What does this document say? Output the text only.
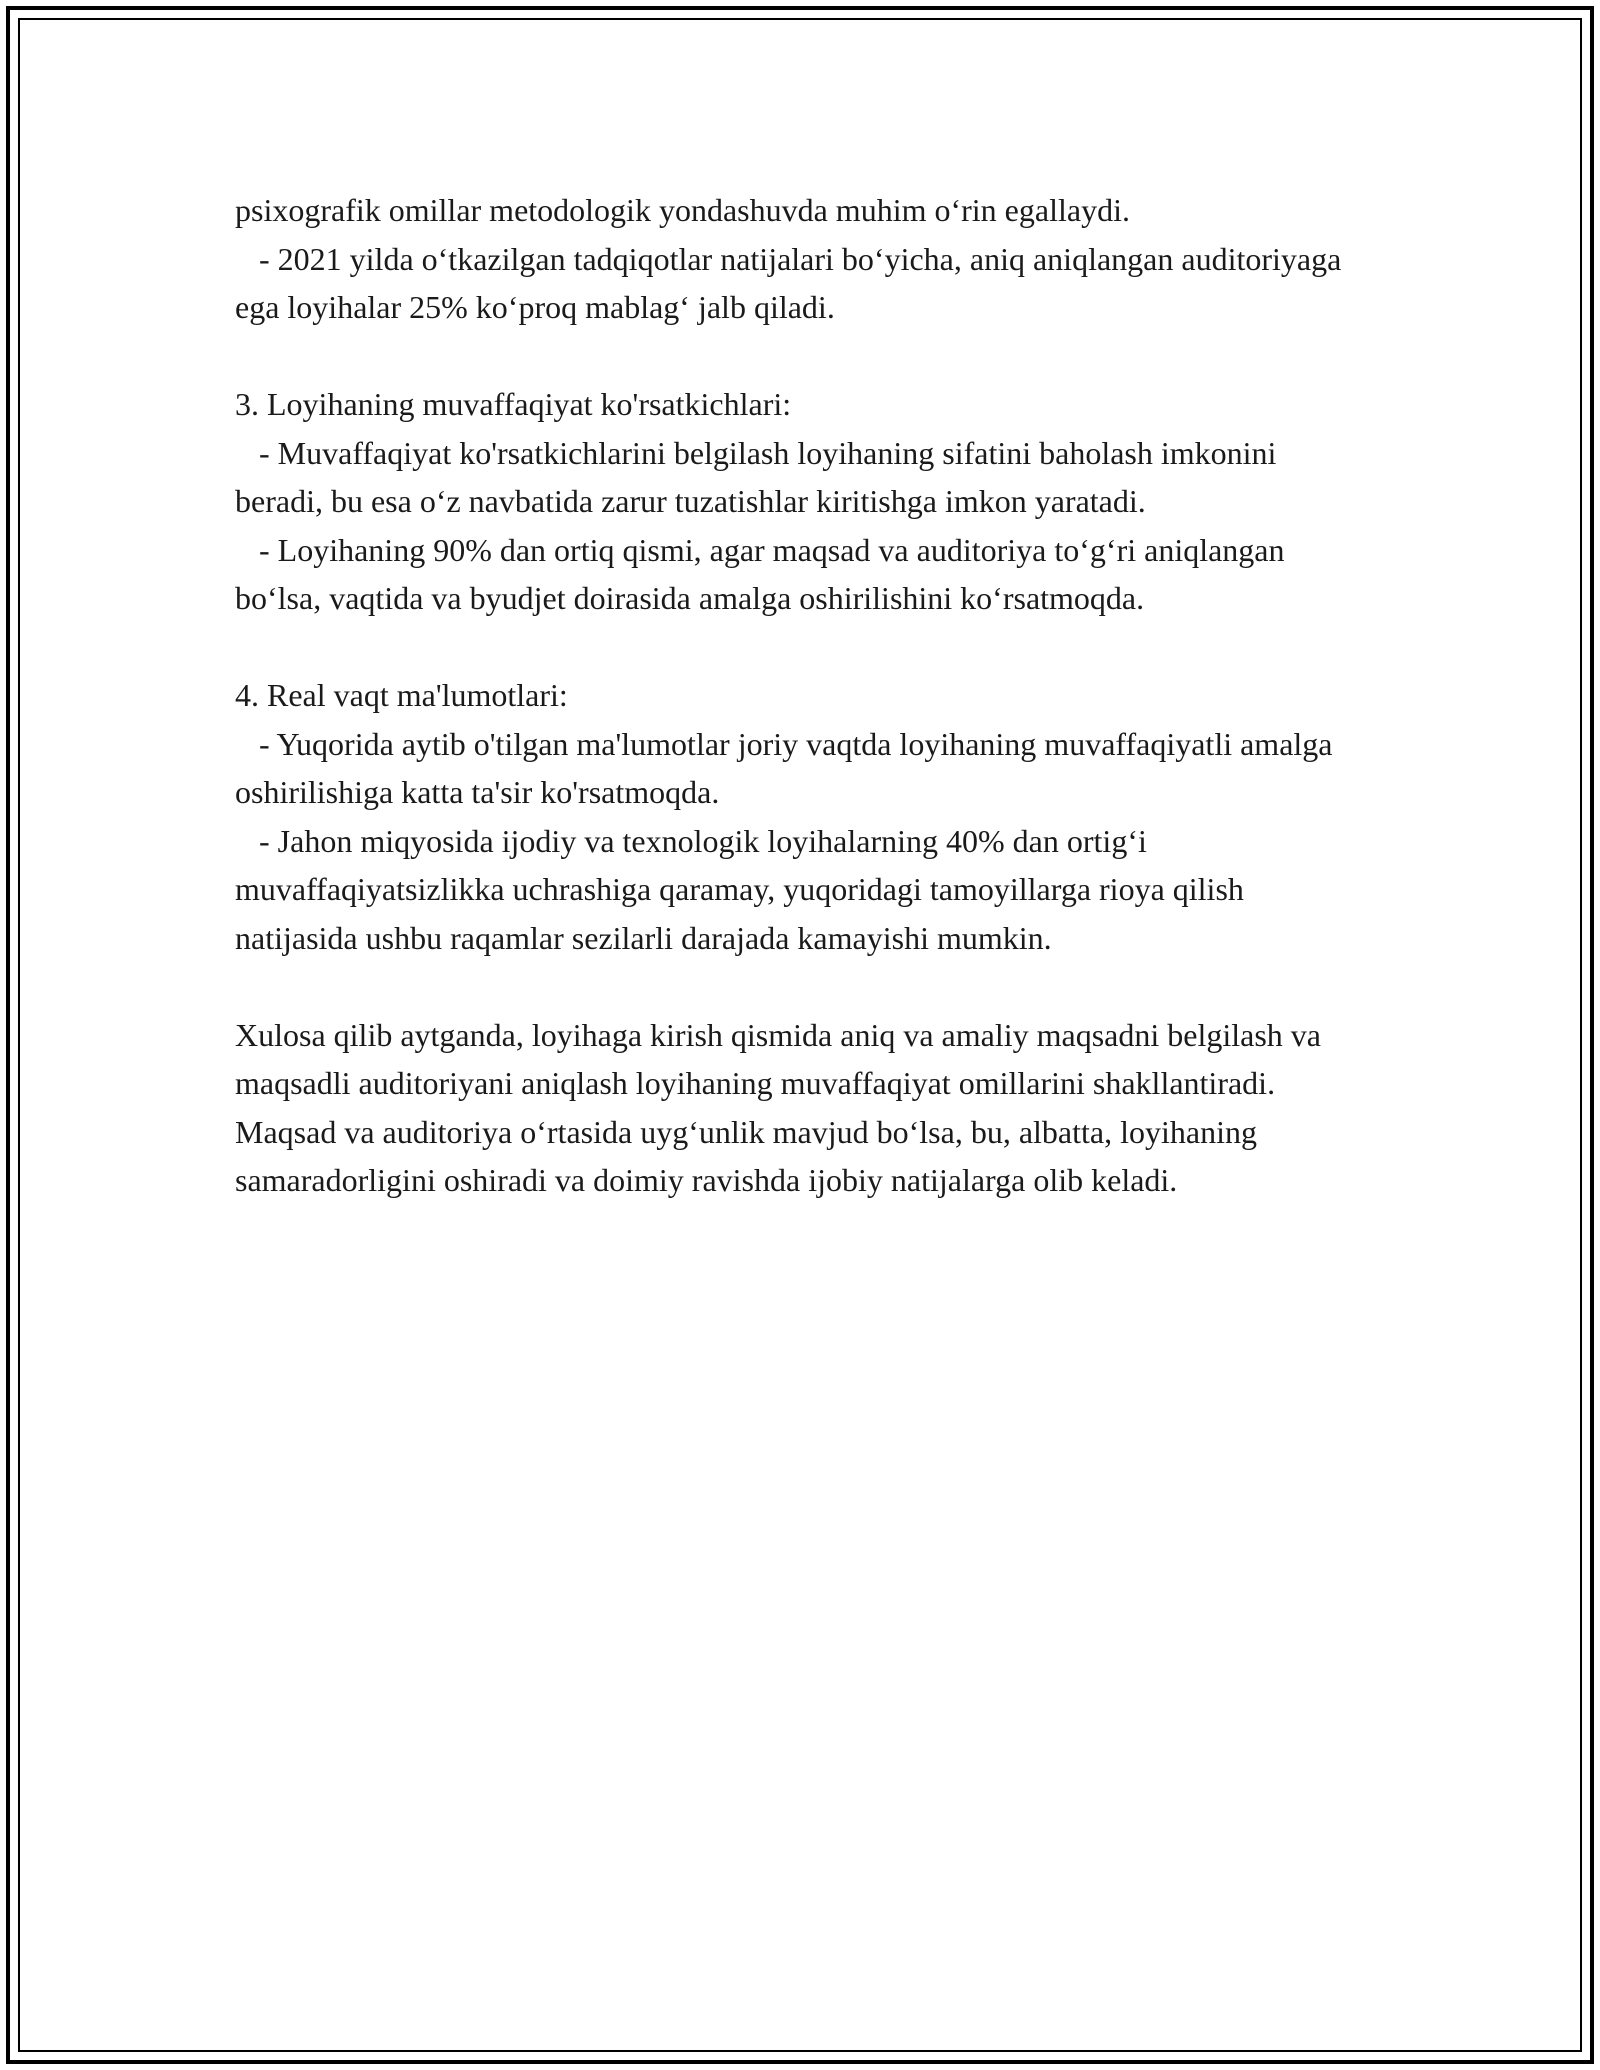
psixografik omillar metodologik yondashuvda muhim o‘rin egallaydi.

- 2021 yilda o‘tkazilgan tadqiqotlar natijalari bo‘yicha, aniq aniqlangan auditoriyaga ega loyihalar 25% ko‘proq mablag‘ jalb qiladi.

3. Loyihaning muvaffaqiyat ko'rsatkichlari:

- Muvaffaqiyat ko'rsatkichlarini belgilash loyihaning sifatini baholash imkonini beradi, bu esa o‘z navbatida zarur tuzatishlar kiritishga imkon yaratadi.

- Loyihaning 90% dan ortiq qismi, agar maqsad va auditoriya to‘g‘ri aniqlangan bo‘lsa, vaqtida va byudjet doirasida amalga oshirilishini ko‘rsatmoqda.

4. Real vaqt ma'lumotlari:

- Yuqorida aytib o'tilgan ma'lumotlar joriy vaqtda loyihaning muvaffaqiyatli amalga oshirilishiga katta ta'sir ko'rsatmoqda.

- Jahon miqyosida ijodiy va texnologik loyihalarning 40% dan ortig‘i muvaffaqiyatsizlikka uchrashiga qaramay, yuqoridagi tamoyillarga rioya qilish natijasida ushbu raqamlar sezilarli darajada kamayishi mumkin.

Xulosa qilib aytganda, loyihaga kirish qismida aniq va amaliy maqsadni belgilash va maqsadli auditoriyani aniqlash loyihaning muvaffaqiyat omillarini shakllantiradi. Maqsad va auditoriya o‘rtasida uyg‘unlik mavjud bo‘lsa, bu, albatta, loyihaning samaradorligini oshiradi va doimiy ravishda ijobiy natijalarga olib keladi.
